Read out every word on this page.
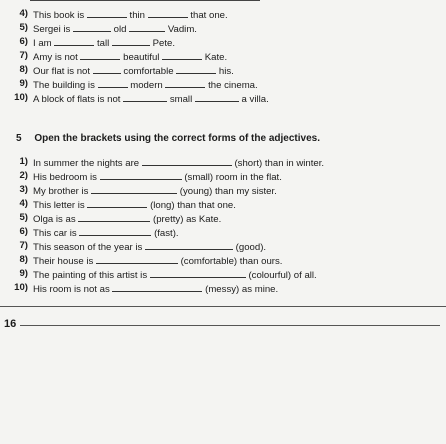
4) This book is	thin	that one.
5) Sergei is	old	Vadim.
6) I am	tall	Pete.
7) Amy is not	beautiful	Kate.
8) Our flat is not	comfortable	his.
9) The building is	modern	the cinema.
10) A block of flats is not	small	a villa.
5 Open the brackets using the correct forms of the adjectives.
1) In summer the nights are	(short) than in winter.
2) His bedroom is	(small) room in the flat.
3) My brother is	(young) than my sister.
4) This letter is	(long) than that one.
5) Olga is as	(pretty) as Kate.
6) This car is	(fast).
7) This season of the year is	(good).
8) Their house is	(comfortable) than ours.
9) The painting of this artist is	(colourful) of all.
10) His room is not as	(messy) as mine.
16
